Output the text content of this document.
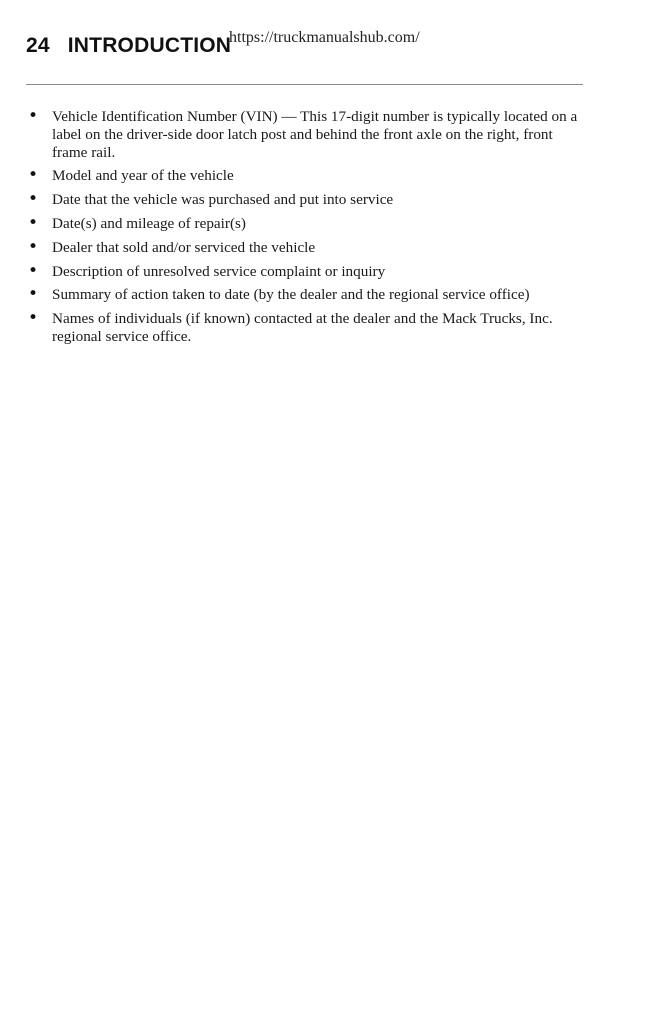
24 INTRODUCTION
https://truckmanualshub.com/
• Vehicle Identification Number (VIN) — This 17-digit number is typically located on a label on the driver-side door latch post and behind the front axle on the right, front frame rail.
• Model and year of the vehicle
• Date that the vehicle was purchased and put into service
• Date(s) and mileage of repair(s)
• Dealer that sold and/or serviced the vehicle
• Description of unresolved service complaint or inquiry
• Summary of action taken to date (by the dealer and the regional service office)
• Names of individuals (if known) contacted at the dealer and the Mack Trucks, Inc. regional service office.
